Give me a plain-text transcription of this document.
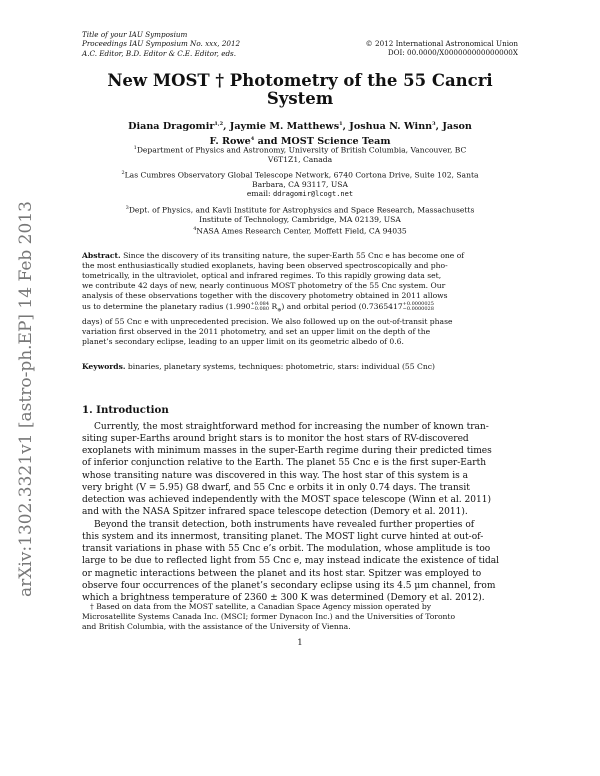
arXiv:1302.3321v1 [astro-ph.EP] 14 Feb 2013
Title of your IAU Symposium
Proceedings IAU Symposium No. xxx, 2012
A.C. Editor, B.D. Editor & C.E. Editor, eds.
© 2012 International Astronomical Union
DOI: 00.0000/X000000000000000X
New MOST † Photometry of the 55 Cancri
System
Diana Dragomir$^{1,2}$, Jaymie M. Matthews$^1$, Joshua N. Winn$^3$, Jason
F. Rowe$^4$ and MOST Science Team
$^1$Department of Physics and Astronomy, University of British Columbia, Vancouver, BC
V6T1Z1, Canada
$^2$Las Cumbres Observatory Global Telescope Network, 6740 Cortona Drive, Suite 102, Santa
Barbara, CA 93117, USA
email: ddragomir@lcogt.net
$^3$Dept. of Physics, and Kavli Institute for Astrophysics and Space Research, Massachusetts
Institute of Technology, Cambridge, MA 02139, USA
$^4$NASA Ames Research Center, Moffett Field, CA 94035
Abstract. Since the discovery of its transiting nature, the super-Earth 55 Cnc e has become one of
the most enthusiastically studied exoplanets, having been observed spectroscopically and pho-
tometrically, in the ultraviolet, optical and infrared regimes. To this rapidly growing data set,
we contribute 42 days of new, nearly continuous MOST photometry of the 55 Cnc system. Our
analysis of these observations together with the discovery photometry obtained in 2011 allows
us to determine the planetary radius (1.990+0.084
−0.080 $R_\oplus$) and orbital period (0.7365417+0.0000025
−0.0000028
days) of 55 Cnc e with unprecedented precision. We also followed up on the out-of-transit phase
variation first observed in the 2011 photometry, and set an upper limit on the depth of the
planet’s secondary eclipse, leading to an upper limit on its geometric albedo of 0.6.
Keywords. binaries, planetary systems, techniques: photometric, stars: individual (55 Cnc)
1. Introduction
Currently, the most straightforward method for increasing the number of known tran-
siting super-Earths around bright stars is to monitor the host stars of RV-discovered
exoplanets with minimum masses in the super-Earth regime during their predicted times
of inferior conjunction relative to the Earth. The planet 55 Cnc e is the first super-Earth
whose transiting nature was discovered in this way. The host star of this system is a
very bright (V = 5.95) G8 dwarf, and 55 Cnc e orbits it in only 0.74 days. The transit
detection was achieved independently with the MOST space telescope (Winn et al. 2011)
and with the NASA Spitzer infrared space telescope detection (Demory et al. 2011).
Beyond the transit detection, both instruments have revealed further properties of
this system and its innermost, transiting planet. The MOST light curve hinted at out-of-
transit variations in phase with 55 Cnc e’s orbit. The modulation, whose amplitude is too
large to be due to reflected light from 55 Cnc e, may instead indicate the existence of tidal
or magnetic interactions between the planet and its host star. Spitzer was employed to
observe four occurrences of the planet’s secondary eclipse using its 4.5 μm channel, from
which a brightness temperature of 2360 ± 300 K was determined (Demory et al. 2012).
† Based on data from the MOST satellite, a Canadian Space Agency mission operated by
Microsatellite Systems Canada Inc. (MSCI; former Dynacon Inc.) and the Universities of Toronto
and British Columbia, with the assistance of the University of Vienna.
1
